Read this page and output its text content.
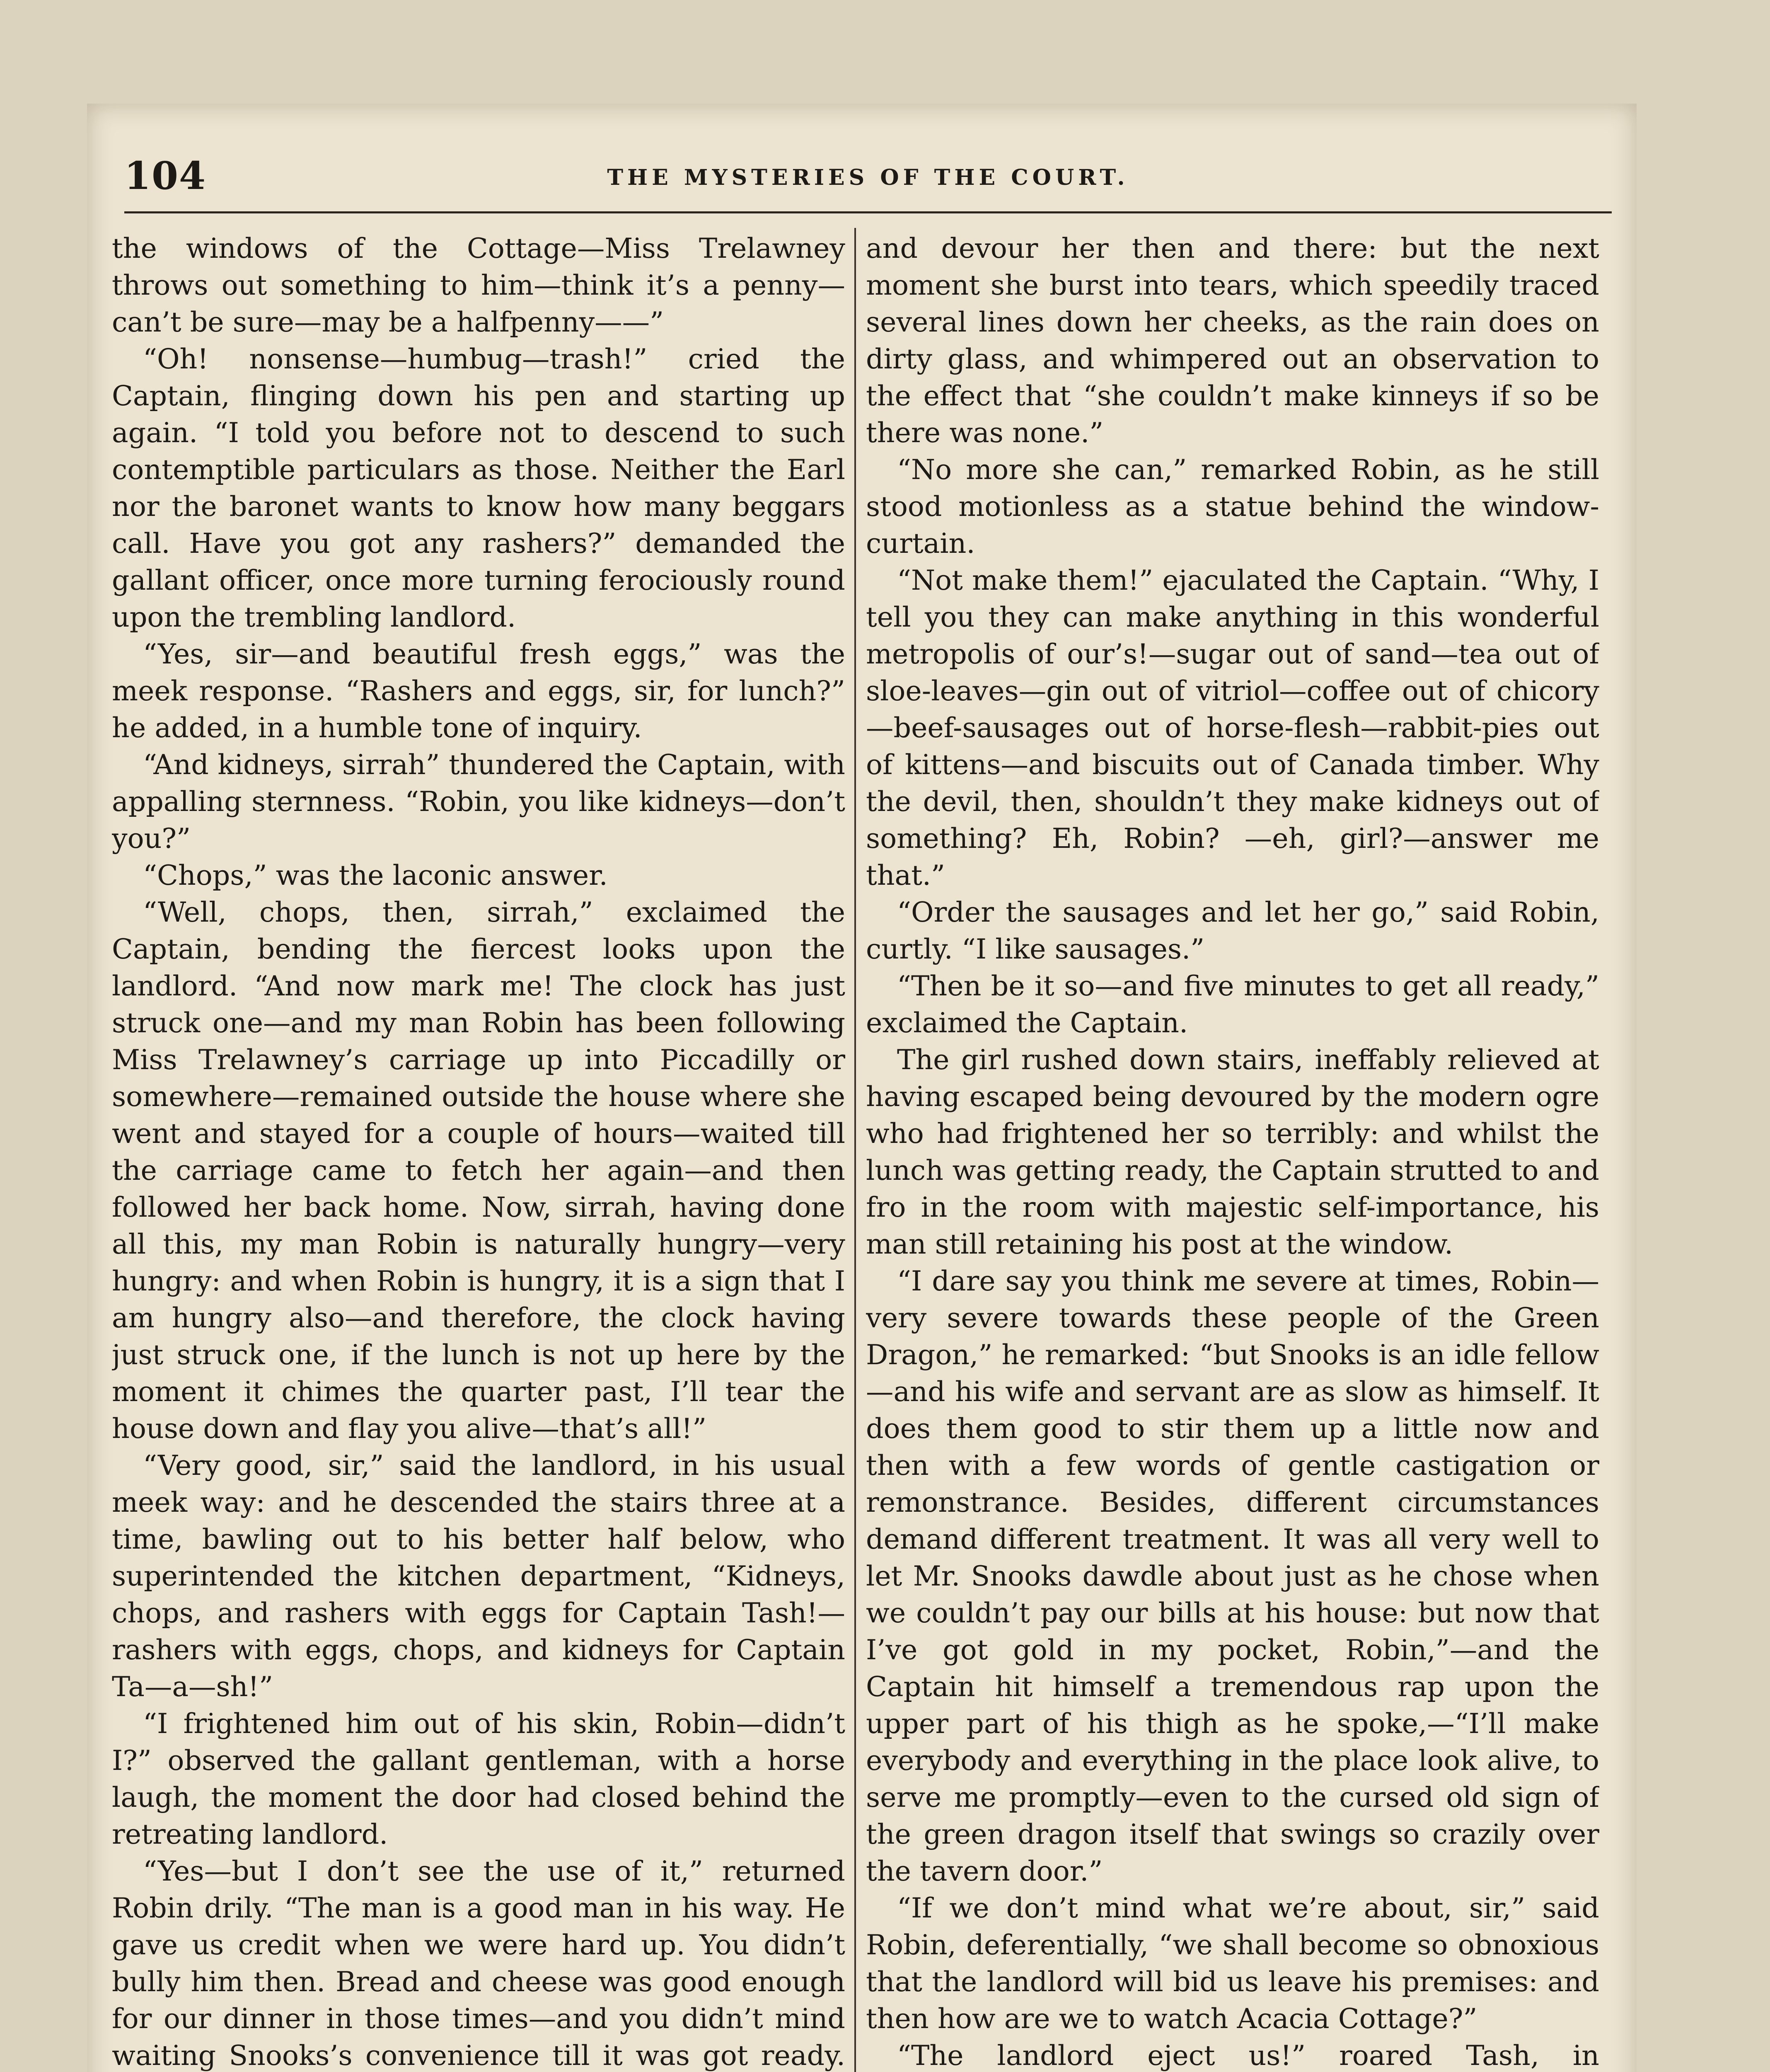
104	THE MYSTERIES OF THE COURT.

the windows of the Cottage—Miss Trelawney throws out something to him—think it’s a penny—can’t be sure—may be a halfpenny——”

“Oh! nonsense—humbug—trash!” cried the Captain, flinging down his pen and starting up again. “I told you before not to descend to such contemptible particulars as those. Neither the Earl nor the baronet wants to know how many beggars call. Have you got any rashers?” demanded the gallant officer, once more turning ferociously round upon the trembling landlord.

“Yes, sir—and beautiful fresh eggs,” was the meek response. “Rashers and eggs, sir, for lunch?” he added, in a humble tone of inquiry.

“And kidneys, sirrah” thundered the Captain, with appalling sternness. “Robin, you like kidneys—don’t you?”

“Chops,” was the laconic answer.

“Well, chops, then, sirrah,” exclaimed the Captain, bending the fiercest looks upon the landlord. “And now mark me! The clock has just struck one—and my man Robin has been following Miss Trelawney’s carriage up into Piccadilly or somewhere—remained outside the house where she went and stayed for a couple of hours—waited till the carriage came to fetch her again—and then followed her back home. Now, sirrah, having done all this, my man Robin is naturally hungry—very hungry: and when Robin is hungry, it is a sign that I am hungry also—and therefore, the clock having just struck one, if the lunch is not up here by the moment it chimes the quarter past, I’ll tear the house down and flay you alive—that’s all!”

“Very good, sir,” said the landlord, in his usual meek way: and he descended the stairs three at a time, bawling out to his better half below, who superintended the kitchen department, “Kidneys, chops, and rashers with eggs for Captain Tash!—rashers with eggs, chops, and kidneys for Captain Ta—a—sh!”

“I frightened him out of his skin, Robin—didn’t I?” observed the gallant gentleman, with a horse laugh, the moment the door had closed behind the retreating landlord.

“Yes—but I don’t see the use of it,” returned Robin drily. “The man is a good man in his way. He gave us credit when we were hard up. You didn’t bully him then. Bread and cheese was good enough for our dinner in those times—and you didn’t mind waiting Snooks’s convenience till it was got ready.

and devour her then and there: but the next moment she burst into tears, which speedily traced several lines down her cheeks, as the rain does on dirty glass, and whimpered out an observation to the effect that “she couldn’t make kinneys if so be there was none.”

“No more she can,” remarked Robin, as he still stood motionless as a statue behind the window-curtain.

“Not make them!” ejaculated the Captain. “Why, I tell you they can make anything in this wonderful metropolis of our’s!—sugar out of sand—tea out of sloe-leaves—gin out of vitriol—coffee out of chicory—beef-sausages out of horse-flesh—rabbit-pies out of kittens—and biscuits out of Canada timber. Why the devil, then, shouldn’t they make kidneys out of something? Eh, Robin? —eh, girl?—answer me that.”

“Order the sausages and let her go,” said Robin, curtly. “I like sausages.”

“Then be it so—and five minutes to get all ready,” exclaimed the Captain.

The girl rushed down stairs, ineffably relieved at having escaped being devoured by the modern ogre who had frightened her so terribly: and whilst the lunch was getting ready, the Captain strutted to and fro in the room with majestic self-importance, his man still retaining his post at the window.

“I dare say you think me severe at times, Robin—very severe towards these people of the Green Dragon,” he remarked: “but Snooks is an idle fellow—and his wife and servant are as slow as himself. It does them good to stir them up a little now and then with a few words of gentle castigation or remonstrance. Besides, different circumstances demand different treatment. It was all very well to let Mr. Snooks dawdle about just as he chose when we couldn’t pay our bills at his house: but now that I’ve got gold in my pocket, Robin,”—and the Captain hit himself a tremendous rap upon the upper part of his thigh as he spoke,—“I’ll make everybody and everything in the place look alive, to serve me promptly—even to the cursed old sign of the green dragon itself that swings so crazily over the tavern door.”

“If we don’t mind what we’re about, sir,” said Robin, deferentially, “we shall become so obnoxious that the landlord will bid us leave his premises: and then how are we to watch Acacia Cottage?”

“The landlord eject us!” roared Tash, in
